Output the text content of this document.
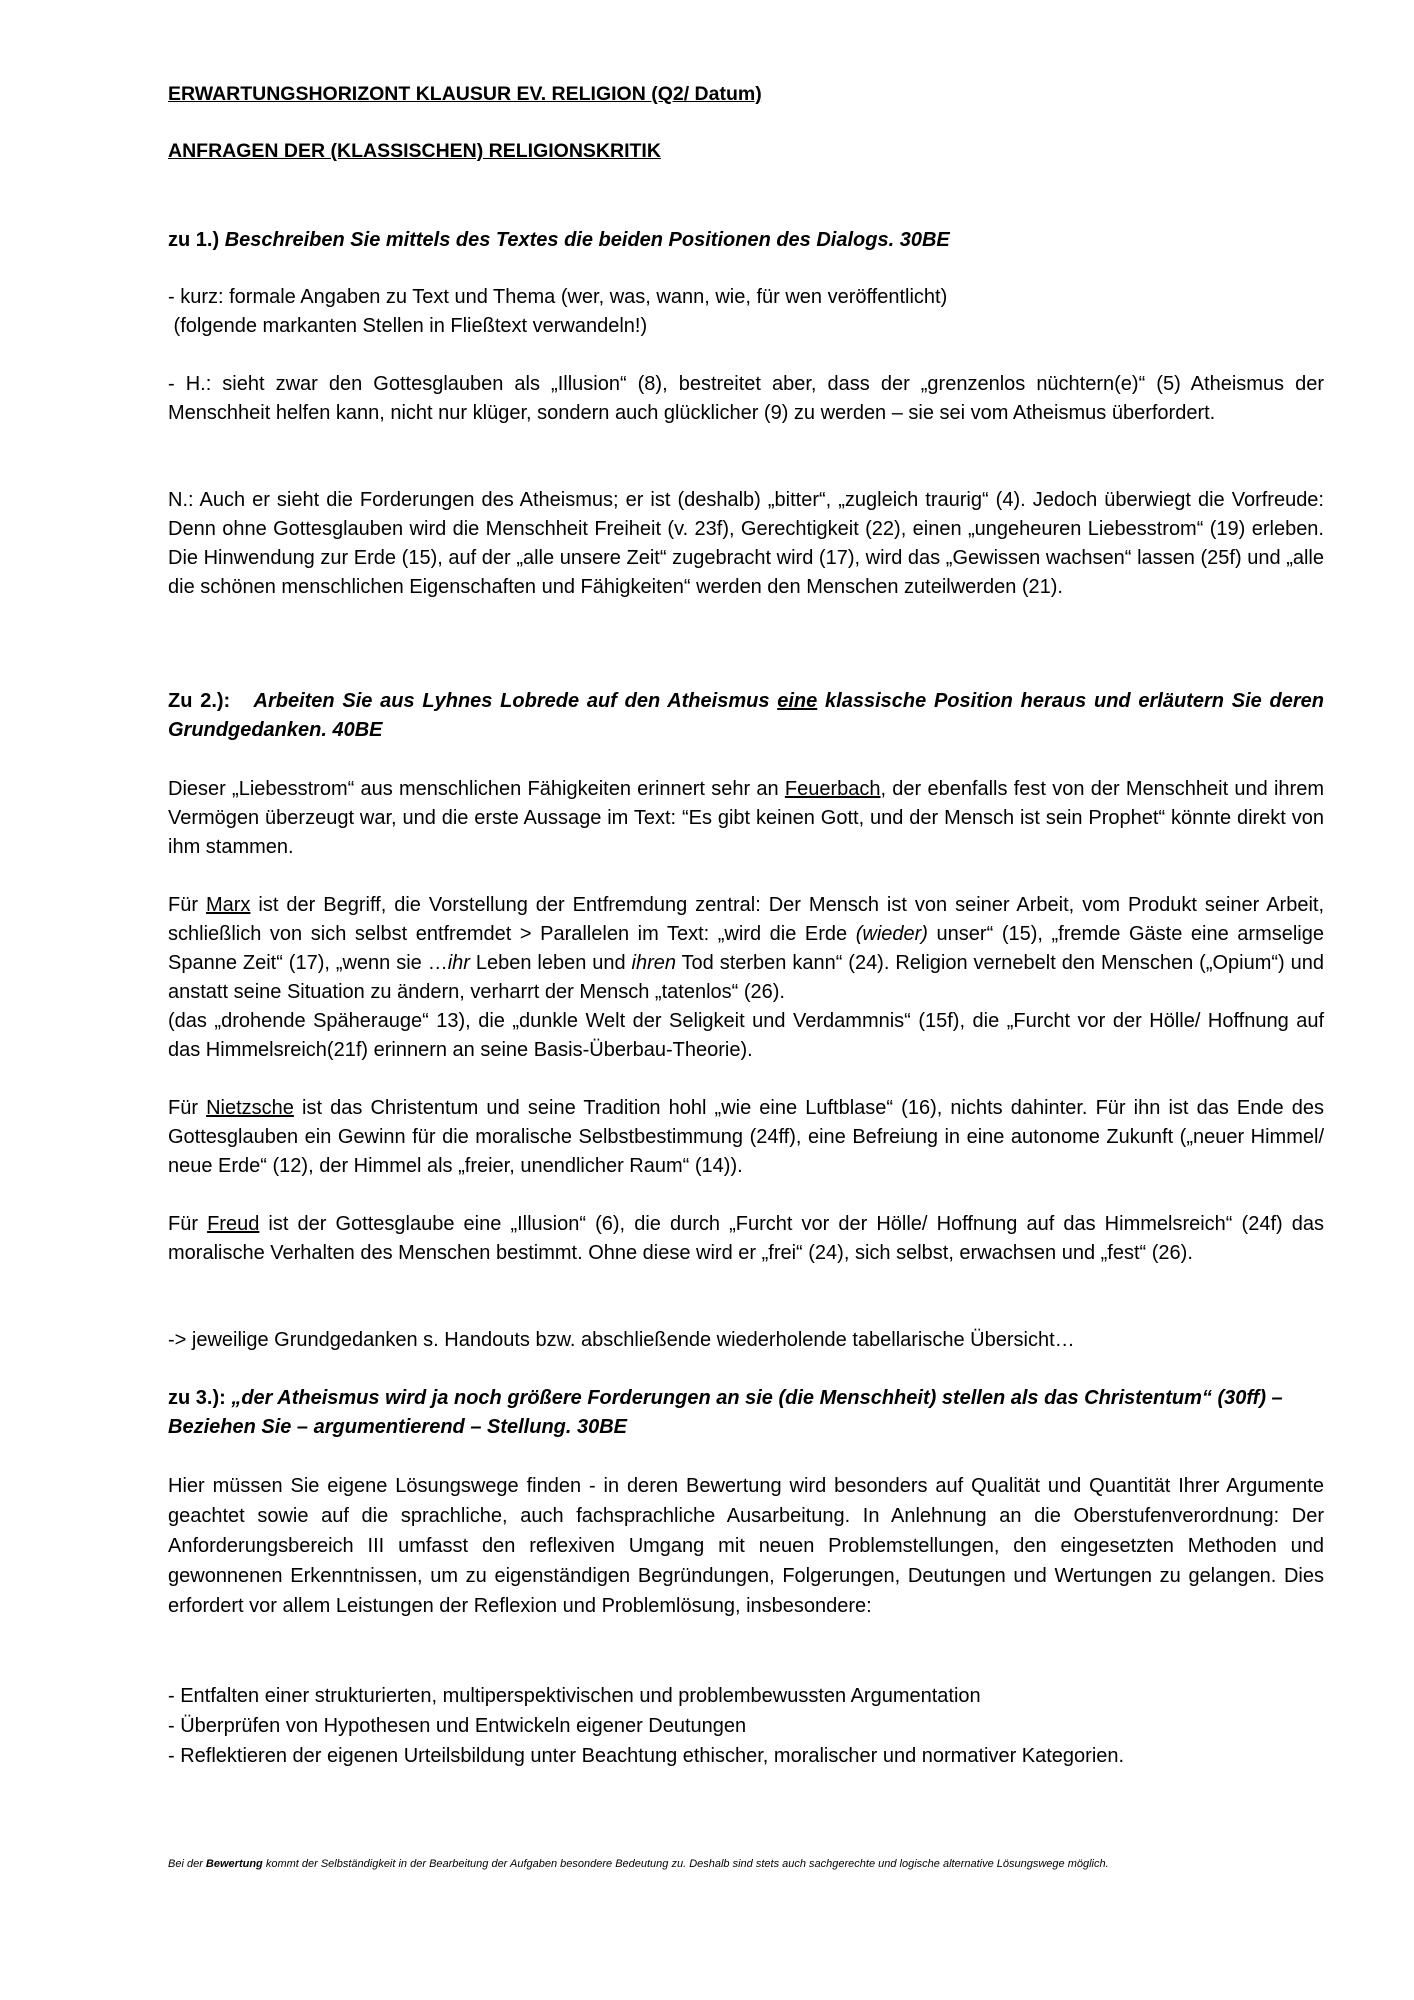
ERWARTUNGSHORIZONT KLAUSUR EV. RELIGION (Q2/ Datum)

ANFRAGEN DER (KLASSISCHEN) RELIGIONSKRITIK

zu 1.) Beschreiben Sie mittels des Textes die beiden Positionen des Dialogs. 30BE

- kurz: formale Angaben zu Text und Thema (wer, was, wann, wie, für wen veröffentlicht)
(folgende markanten Stellen in Fließtext verwandeln!)

- H.: sieht zwar den Gottesglauben als „Illusion“ (8), bestreitet aber, dass der „grenzenlos nüchtern(e)“ (5) Atheismus der Menschheit helfen kann, nicht nur klüger, sondern auch glücklicher (9) zu werden – sie sei vom Atheismus überfordert.

N.: Auch er sieht die Forderungen des Atheismus; er ist (deshalb) „bitter“, „zugleich traurig“ (4). Jedoch überwiegt die Vorfreude: Denn ohne Gottesglauben wird die Menschheit Freiheit (v. 23f), Gerechtigkeit (22), einen „ungeheuren Liebesstrom“ (19) erleben. Die Hinwendung zur Erde (15), auf der „alle unsere Zeit“ zugebracht wird (17), wird das „Gewissen wachsen“ lassen (25f) und „alle die schönen menschlichen Eigenschaften und Fähigkeiten“ werden den Menschen zuteilwerden (21).

Zu 2.): Arbeiten Sie aus Lyhnes Lobrede auf den Atheismus eine klassische Position heraus und erläutern Sie deren Grundgedanken. 40BE

Dieser „Liebesstrom“ aus menschlichen Fähigkeiten erinnert sehr an Feuerbach, der ebenfalls fest von der Menschheit und ihrem Vermögen überzeugt war, und die erste Aussage im Text: “Es gibt keinen Gott, und der Mensch ist sein Prophet“ könnte direkt von ihm stammen.

Für Marx ist der Begriff, die Vorstellung der Entfremdung zentral: Der Mensch ist von seiner Arbeit, vom Produkt seiner Arbeit, schließlich von sich selbst entfremdet > Parallelen im Text: „wird die Erde (wieder) unser“ (15), „fremde Gäste eine armselige Spanne Zeit“ (17), „wenn sie …ihr Leben leben und ihren Tod sterben kann“ (24). Religion vernebelt den Menschen („Opium“) und anstatt seine Situation zu ändern, verharrt der Mensch „tatenlos“ (26).

(das „drohende Späherauge“ 13), die „dunkle Welt der Seligkeit und Verdammnis“ (15f), die „Furcht vor der Hölle/ Hoffnung auf das Himmelsreich(21f) erinnern an seine Basis-Überbau-Theorie).

Für Nietzsche ist das Christentum und seine Tradition hohl „wie eine Luftblase“ (16), nichts dahinter. Für ihn ist das Ende des Gottesglauben ein Gewinn für die moralische Selbstbestimmung (24ff), eine Befreiung in eine autonome Zukunft („neuer Himmel/ neue Erde“ (12), der Himmel als „freier, unendlicher Raum“ (14)).

Für Freud ist der Gottesglaube eine „Illusion“ (6), die durch „Furcht vor der Hölle/ Hoffnung auf das Himmelsreich“ (24f) das moralische Verhalten des Menschen bestimmt. Ohne diese wird er „frei“ (24), sich selbst, erwachsen und „fest“ (26).

-> jeweilige Grundgedanken s. Handouts bzw. abschließende wiederholende tabellarische Übersicht…

zu 3.): „der Atheismus wird ja noch größere Forderungen an sie (die Menschheit) stellen als das Christentum“ (30ff) –
Beziehen Sie – argumentierend – Stellung. 30BE

Hier müssen Sie eigene Lösungswege finden - in deren Bewertung wird besonders auf Qualität und Quantität Ihrer Argumente geachtet sowie auf die sprachliche, auch fachsprachliche Ausarbeitung. In Anlehnung an die Oberstufenverordnung: Der Anforderungsbereich III umfasst den reflexiven Umgang mit neuen Problemstellungen, den eingesetzten Methoden und gewonnenen Erkenntnissen, um zu eigenständigen Begründungen, Folgerungen, Deutungen und Wertungen zu gelangen. Dies erfordert vor allem Leistungen der Reflexion und Problemlösung, insbesondere:

- Entfalten einer strukturierten, multiperspektivischen und problembewussten Argumentation
- Überprüfen von Hypothesen und Entwickeln eigener Deutungen
- Reflektieren der eigenen Urteilsbildung unter Beachtung ethischer, moralischer und normativer Kategorien.

Bei der Bewertung kommt der Selbständigkeit in der Bearbeitung der Aufgaben besondere Bedeutung zu. Deshalb sind stets auch sachgerechte und logische alternative Lösungswege möglich.
